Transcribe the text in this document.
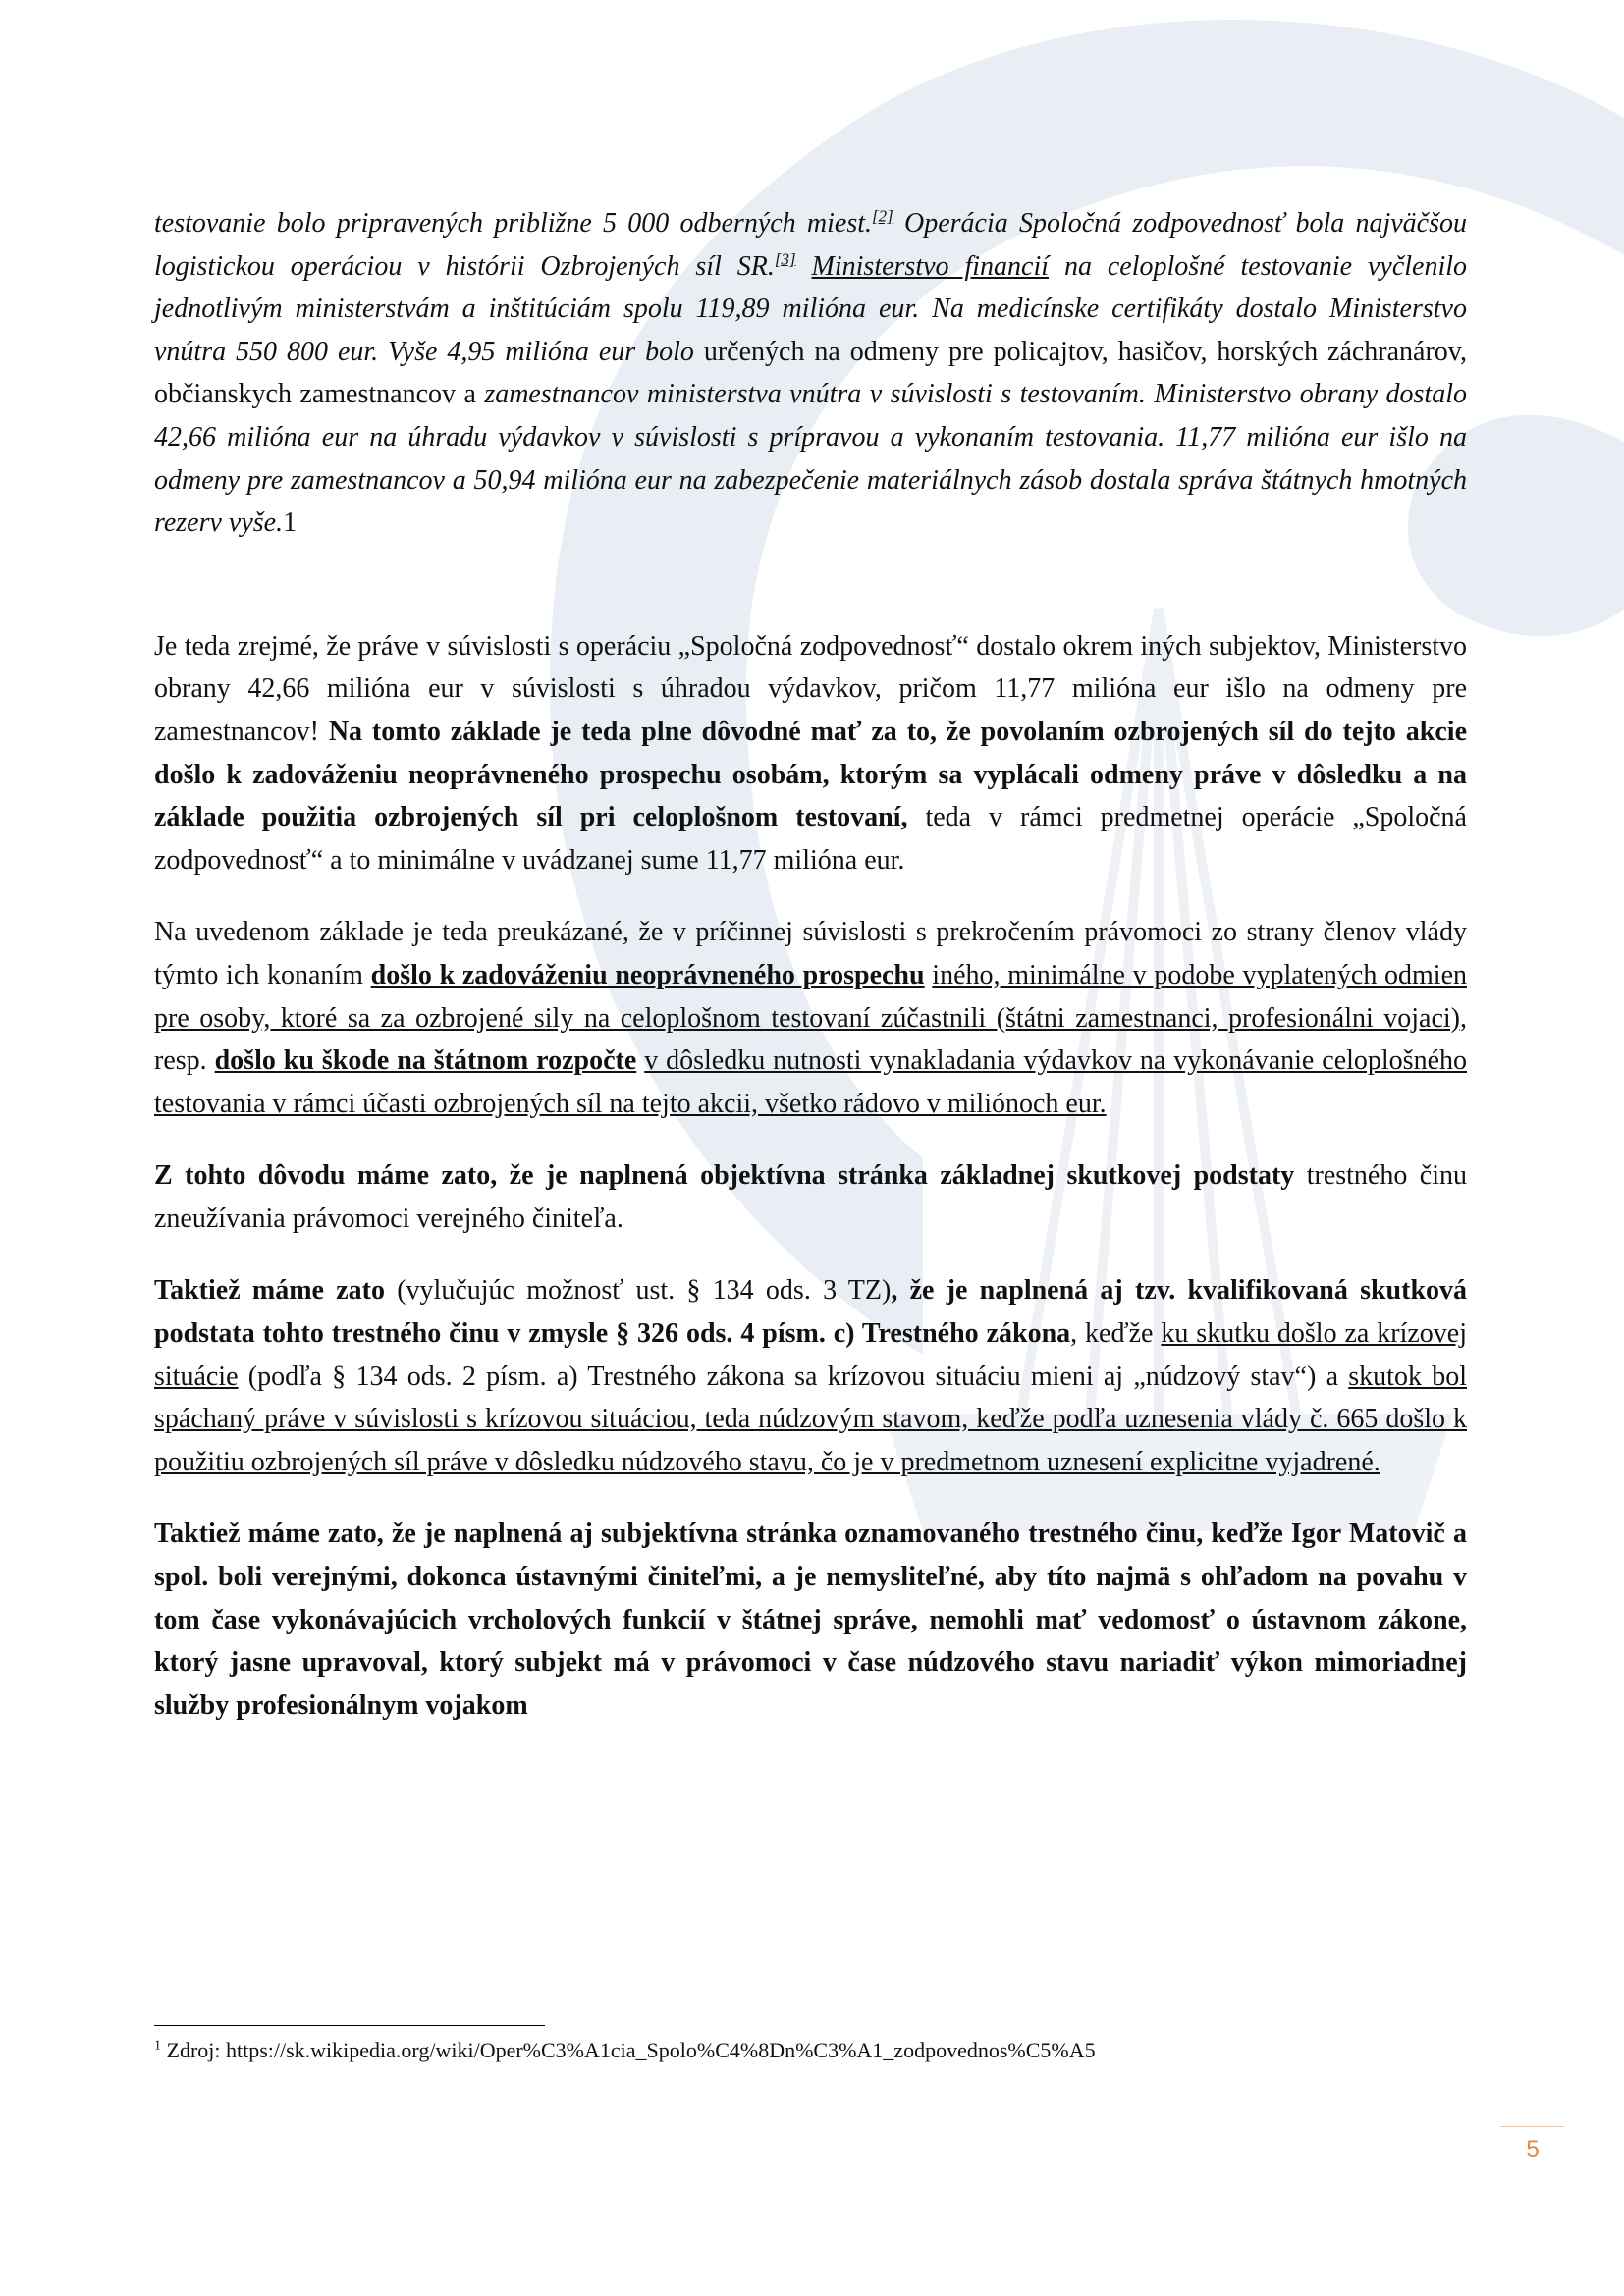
testovanie bolo pripravených približne 5 000 odberných miest.[2] Operácia Spoločná zodpovednosť bola najväčšou logistickou operáciou v histórii Ozbrojených síl SR.[3] Ministerstvo financií na celoplošné testovanie vyčlenilo jednotlivým ministerstvám a inštitúciám spolu 119,89 milióna eur. Na medicínske certifikáty dostalo Ministerstvo vnútra 550 800 eur. Vyše 4,95 milióna eur bolo určených na odmeny pre policajtov, hasičov, horských záchranárov, občianskych zamestnancov a zamestnancov ministerstva vnútra v súvislosti s testovaním. Ministerstvo obrany dostalo 42,66 milióna eur na úhradu výdavkov v súvislosti s prípravou a vykonaním testovania. 11,77 milióna eur išlo na odmeny pre zamestnancov a 50,94 milióna eur na zabezpečenie materiálnych zásob dostala správa štátnych hmotných rezerv vyše.1

Je teda zrejmé, že práve v súvislosti s operáciu „Spoločná zodpovednosť“ dostalo okrem iných subjektov, Ministerstvo obrany 42,66 milióna eur v súvislosti s úhradou výdavkov, pričom 11,77 milióna eur išlo na odmeny pre zamestnancov! Na tomto základe je teda plne dôvodné mať za to, že povolaním ozbrojených síl do tejto akcie došlo k zadováženiu neoprávneného prospechu osobám, ktorým sa vyplácali odmeny práve v dôsledku a na základe použitia ozbrojených síl pri celoplošnom testovaní, teda v rámci predmetnej operácie „Spoločná zodpovednosť“ a to minimálne v uvádzanej sume 11,77 milióna eur.

Na uvedenom základe je teda preukázané, že v príčinnej súvislosti s prekročením právomoci zo strany členov vlády týmto ich konaním došlo k zadováženiu neoprávneného prospechu iného, minimálne v podobe vyplatených odmien pre osoby, ktoré sa za ozbrojené sily na celoplošnom testovaní zúčastnili (štátni zamestnanci, profesionálni vojaci), resp. došlo ku škode na štátnom rozpočte v dôsledku nutnosti vynakladania výdavkov na vykonávanie celoplošného testovania v rámci účasti ozbrojených síl na tejto akcii, všetko rádovo v miliónoch eur.

Z tohto dôvodu máme zato, že je naplnená objektívna stránka základnej skutkovej podstaty trestného činu zneužívania právomoci verejného činiteľa.

Taktiež máme zato (vylučujúc možnosť ust. § 134 ods. 3 TZ), že je naplnená aj tzv. kvalifikovaná skutková podstata tohto trestného činu v zmysle § 326 ods. 4 písm. c) Trestného zákona, keďže ku skutku došlo za krízovej situácie (podľa § 134 ods. 2 písm. a) Trestného zákona sa krízovou situáciu mieni aj „núdzový stav“) a skutok bol spáchaný práve v súvislosti s krízovou situáciou, teda núdzovým stavom, keďže podľa uznesenia vlády č. 665 došlo k použitiu ozbrojených síl práve v dôsledku núdzového stavu, čo je v predmetnom uznesení explicitne vyjadrené.

Taktiež máme zato, že je naplnená aj subjektívna stránka oznamovaného trestného činu, keďže Igor Matovič a spol. boli verejnými, dokonca ústavnými činiteľmi, a je nemysliteľné, aby títo najmä s ohľadom na povahu v tom čase vykonávajúcich vrcholových funkcií v štátnej správe, nemohli mať vedomosť o ústavnom zákone, ktorý jasne upravoval, ktorý subjekt má v právomoci v čase núdzového stavu nariadiť výkon mimoriadnej služby profesionálnym vojakom

$^1$ Zdroj: https://sk.wikipedia.org/wiki/Oper%C3%A1cia_Spolo%C4%8Dn%C3%A1_zodpovednos%C5%A5
5
